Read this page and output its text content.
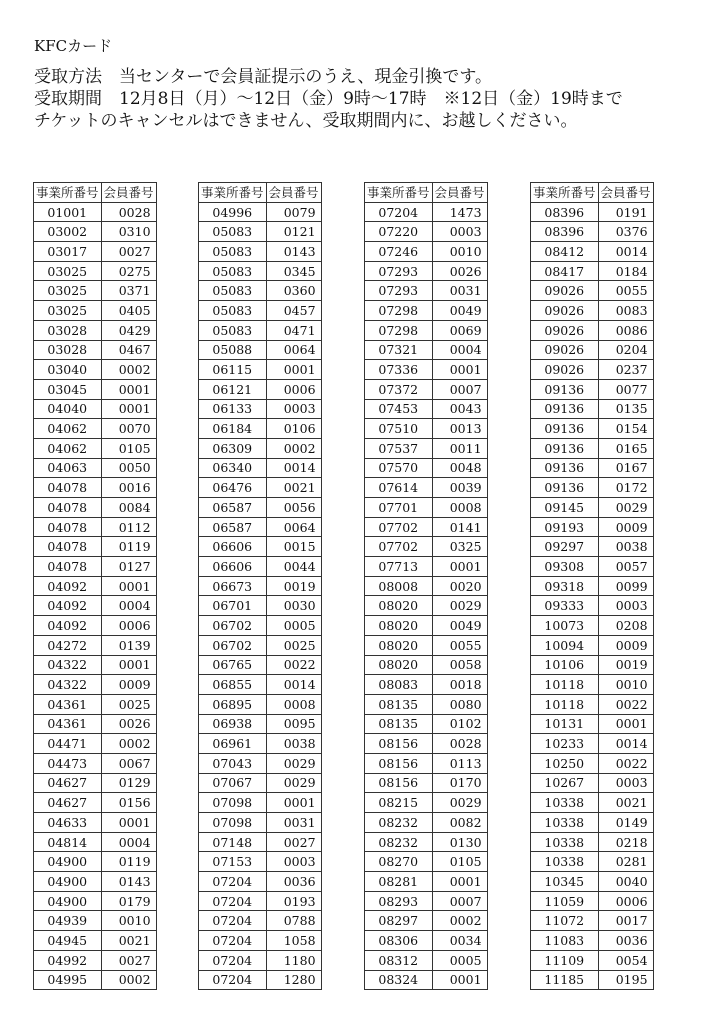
KFCカード
受取方法　当センターで会員証提示のうえ、現金引換です。
受取期間　12月8日（月）～12日（金）9時～17時　※12日（金）19時まで
チケットのキャンセルはできません、受取期間内に、お越しください。
事業所番号	会員番号
01001	0028
03002	0310
03017	0027
03025	0275
03025	0371
03025	0405
03028	0429
03028	0467
03040	0002
03045	0001
04040	0001
04062	0070
04062	0105
04063	0050
04078	0016
04078	0084
04078	0112
04078	0119
04078	0127
04092	0001
04092	0004
04092	0006
04272	0139
04322	0001
04322	0009
04361	0025
04361	0026
04471	0002
04473	0067
04627	0129
04627	0156
04633	0001
04814	0004
04900	0119
04900	0143
04900	0179
04939	0010
04945	0021
04992	0027
04995	0002
事業所番号	会員番号
04996	0079
05083	0121
05083	0143
05083	0345
05083	0360
05083	0457
05083	0471
05088	0064
06115	0001
06121	0006
06133	0003
06184	0106
06309	0002
06340	0014
06476	0021
06587	0056
06587	0064
06606	0015
06606	0044
06673	0019
06701	0030
06702	0005
06702	0025
06765	0022
06855	0014
06895	0008
06938	0095
06961	0038
07043	0029
07067	0029
07098	0001
07098	0031
07148	0027
07153	0003
07204	0036
07204	0193
07204	0788
07204	1058
07204	1180
07204	1280
事業所番号	会員番号
07204	1473
07220	0003
07246	0010
07293	0026
07293	0031
07298	0049
07298	0069
07321	0004
07336	0001
07372	0007
07453	0043
07510	0013
07537	0011
07570	0048
07614	0039
07701	0008
07702	0141
07702	0325
07713	0001
08008	0020
08020	0029
08020	0049
08020	0055
08020	0058
08083	0018
08135	0080
08135	0102
08156	0028
08156	0113
08156	0170
08215	0029
08232	0082
08232	0130
08270	0105
08281	0001
08293	0007
08297	0002
08306	0034
08312	0005
08324	0001
事業所番号	会員番号
08396	0191
08396	0376
08412	0014
08417	0184
09026	0055
09026	0083
09026	0086
09026	0204
09026	0237
09136	0077
09136	0135
09136	0154
09136	0165
09136	0167
09136	0172
09145	0029
09193	0009
09297	0038
09308	0057
09318	0099
09333	0003
10073	0208
10094	0009
10106	0019
10118	0010
10118	0022
10131	0001
10233	0014
10250	0022
10267	0003
10338	0021
10338	0149
10338	0218
10338	0281
10345	0040
11059	0006
11072	0017
11083	0036
11109	0054
11185	0195
